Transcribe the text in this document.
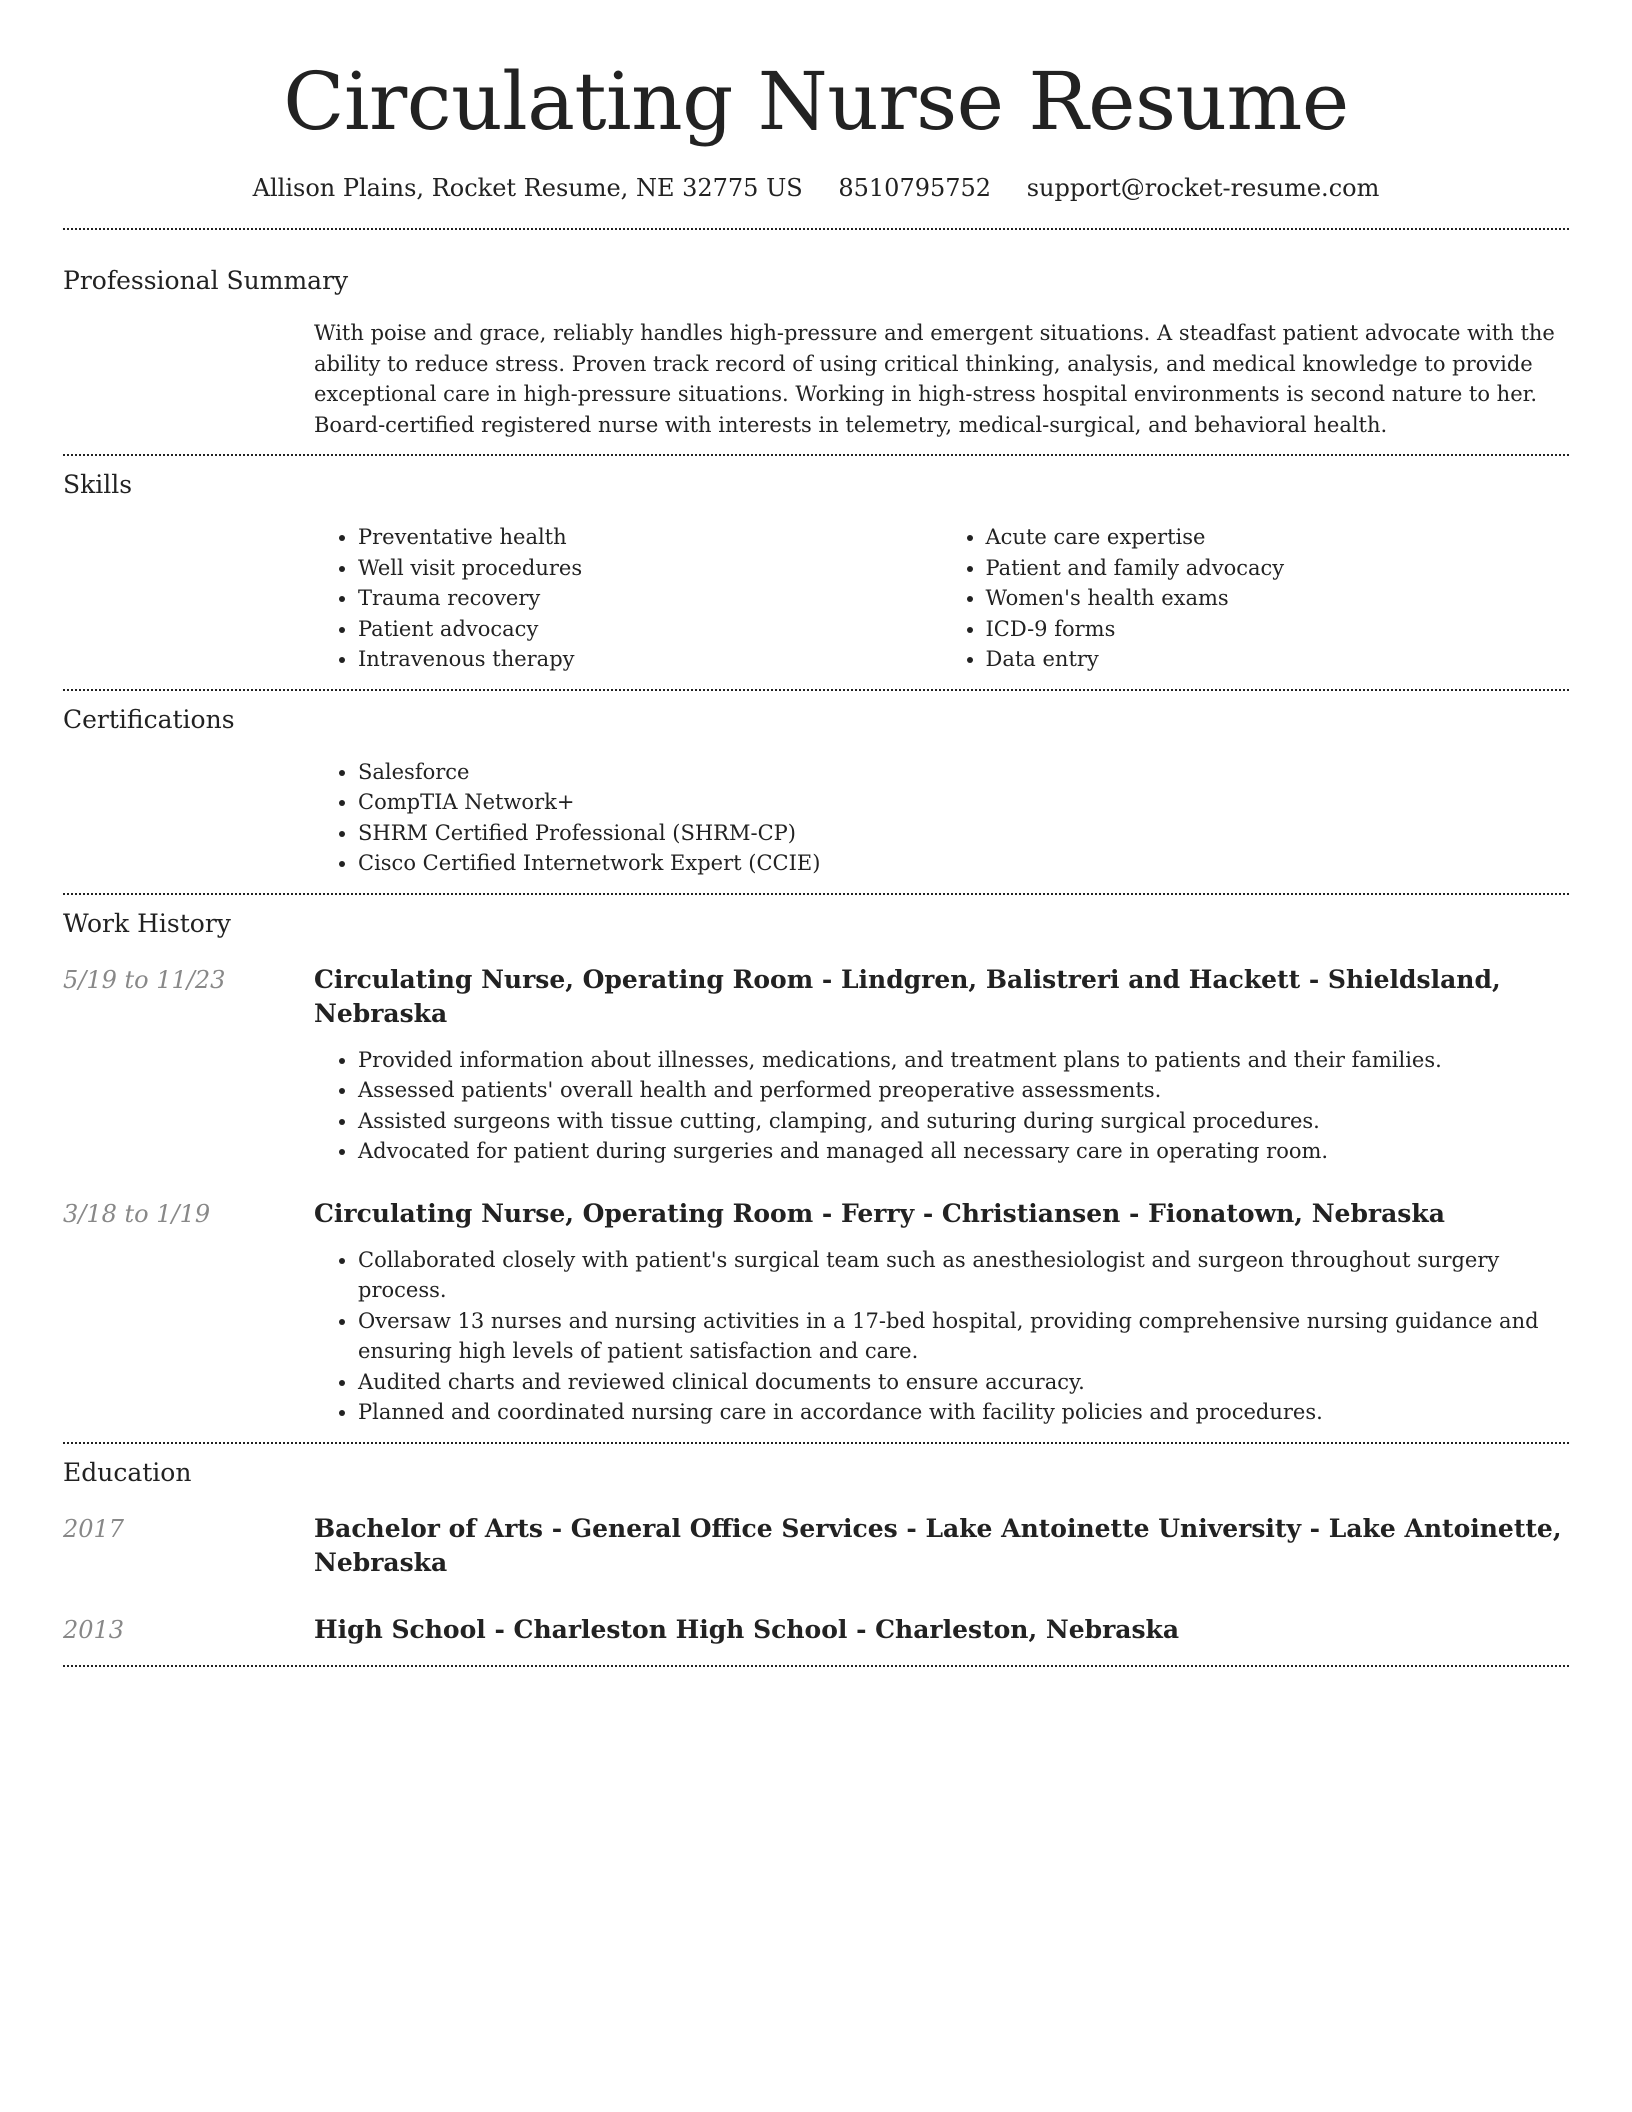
Circulating Nurse Resume
Allison Plains, Rocket Resume, NE 32775 US 8510795752 support@rocket-resume.com
Professional Summary

With poise and grace, reliably handles high-pressure and emergent situations. A steadfast patient advocate with the ability to reduce stress. Proven track record of using critical thinking, analysis, and medical knowledge to provide exceptional care in high-pressure situations. Working in high-stress hospital environments is second nature to her. Board-certified registered nurse with interests in telemetry, medical-surgical, and behavioral health.

Skills
• Preventative health
• Well visit procedures
• Trauma recovery
• Patient advocacy
• Intravenous therapy
• Acute care expertise
• Patient and family advocacy
• Women's health exams
• ICD-9 forms
• Data entry
Certifications
• Salesforce
• CompTIA Network+
• SHRM Certified Professional (SHRM-CP)
• Cisco Certified Internetwork Expert (CCIE)
Work History
5/19 to 11/23	Circulating Nurse, Operating Room - Lindgren, Balistreri and Hackett - Shieldsland, Nebraska
• Provided information about illnesses, medications, and treatment plans to patients and their families.
• Assessed patients' overall health and performed preoperative assessments.
• Assisted surgeons with tissue cutting, clamping, and suturing during surgical procedures.
• Advocated for patient during surgeries and managed all necessary care in operating room.
3/18 to 1/19	Circulating Nurse, Operating Room - Ferry - Christiansen - Fionatown, Nebraska
• Collaborated closely with patient's surgical team such as anesthesiologist and surgeon throughout surgery process.
• Oversaw 13 nurses and nursing activities in a 17-bed hospital, providing comprehensive nursing guidance and ensuring high levels of patient satisfaction and care.
• Audited charts and reviewed clinical documents to ensure accuracy.
• Planned and coordinated nursing care in accordance with facility policies and procedures.
Education
2017	Bachelor of Arts - General Office Services - Lake Antoinette University - Lake Antoinette, Nebraska
2013	High School - Charleston High School - Charleston, Nebraska
